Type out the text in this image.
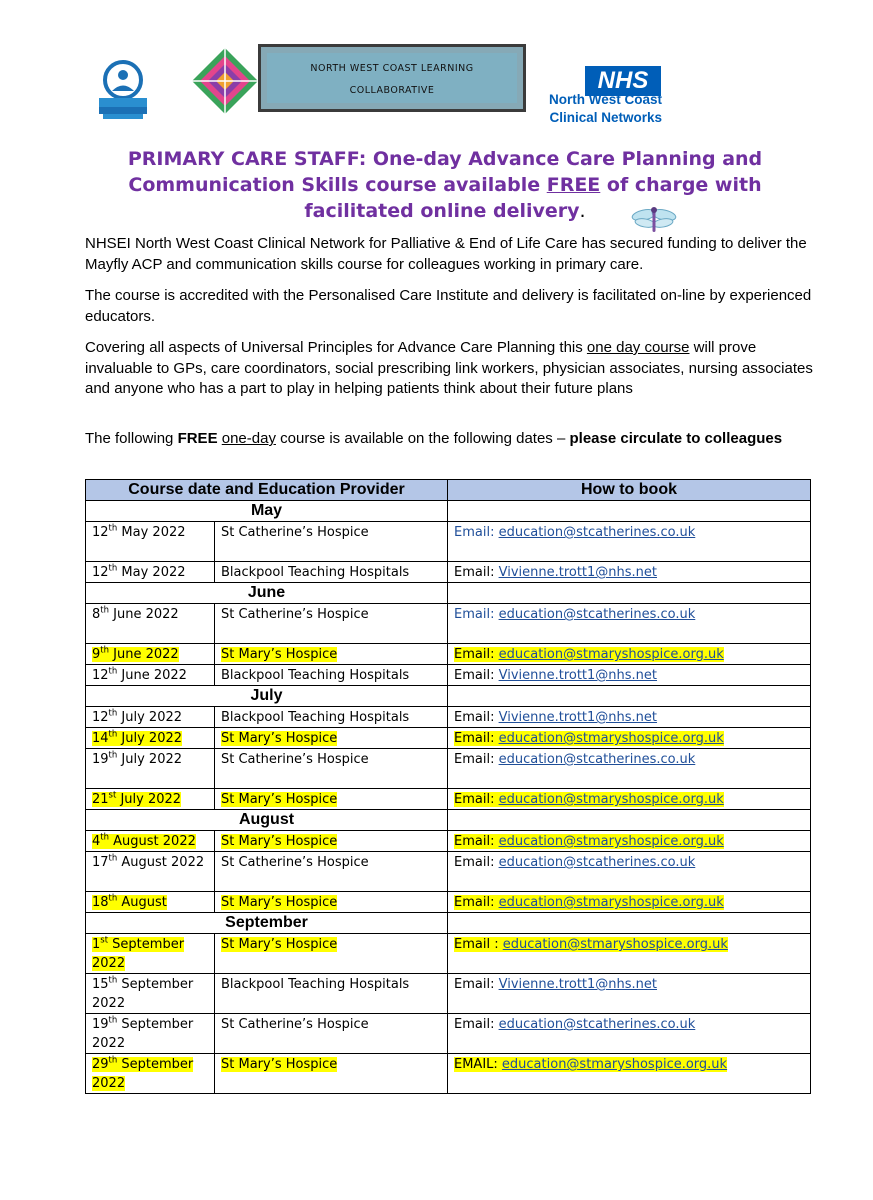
NORTH WEST COAST LEARNING
COLLABORATIVE	NHS
North West Coast
Clinical Networks
PRIMARY CARE STAFF: One-day Advance Care Planning and Communication Skills course available FREE of charge with facilitated online delivery.
NHSEI North West Coast Clinical Network for Palliative & End of Life Care has secured funding to deliver the Mayfly ACP and communication skills course for colleagues working in primary care.
The course is accredited with the Personalised Care Institute and delivery is facilitated on-line by experienced educators.
Covering all aspects of Universal Principles for Advance Care Planning this one day course will prove invaluable to GPs, care coordinators, social prescribing link workers, physician associates, nursing associates and anyone who has a part to play in helping patients think about their future plans
The following FREE one-day course is available on the following dates – please circulate to colleagues
Course date and Education Provider		How to book
May		
12th May 2022	St Catherine’s Hospice	Email: education@stcatherines.co.uk
12th May 2022	Blackpool Teaching Hospitals	Email: Vivienne.trott1@nhs.net
June		
8th June 2022	St Catherine’s Hospice	Email: education@stcatherines.co.uk
9th June 2022	St Mary’s Hospice	Email: education@stmaryshospice.org.uk
12th June 2022	Blackpool Teaching Hospitals	Email: Vivienne.trott1@nhs.net
July		
12th July 2022	Blackpool Teaching Hospitals	Email: Vivienne.trott1@nhs.net
14th July 2022	St Mary’s Hospice	Email: education@stmaryshospice.org.uk
19th July 2022	St Catherine’s Hospice	Email: education@stcatherines.co.uk
21st July 2022	St Mary’s Hospice	Email: education@stmaryshospice.org.uk
August		
4th August 2022	St Mary’s Hospice	Email: education@stmaryshospice.org.uk
17th August 2022	St Catherine’s Hospice	Email: education@stcatherines.co.uk
18th August	St Mary’s Hospice	Email: education@stmaryshospice.org.uk
September		
1st September
2022	St Mary’s Hospice	Email : education@stmaryshospice.org.uk
15th September
2022	Blackpool Teaching Hospitals	Email: Vivienne.trott1@nhs.net
19th September
2022	St Catherine’s Hospice	Email: education@stcatherines.co.uk
29th September
2022	St Mary’s Hospice	EMAIL: education@stmaryshospice.org.uk
